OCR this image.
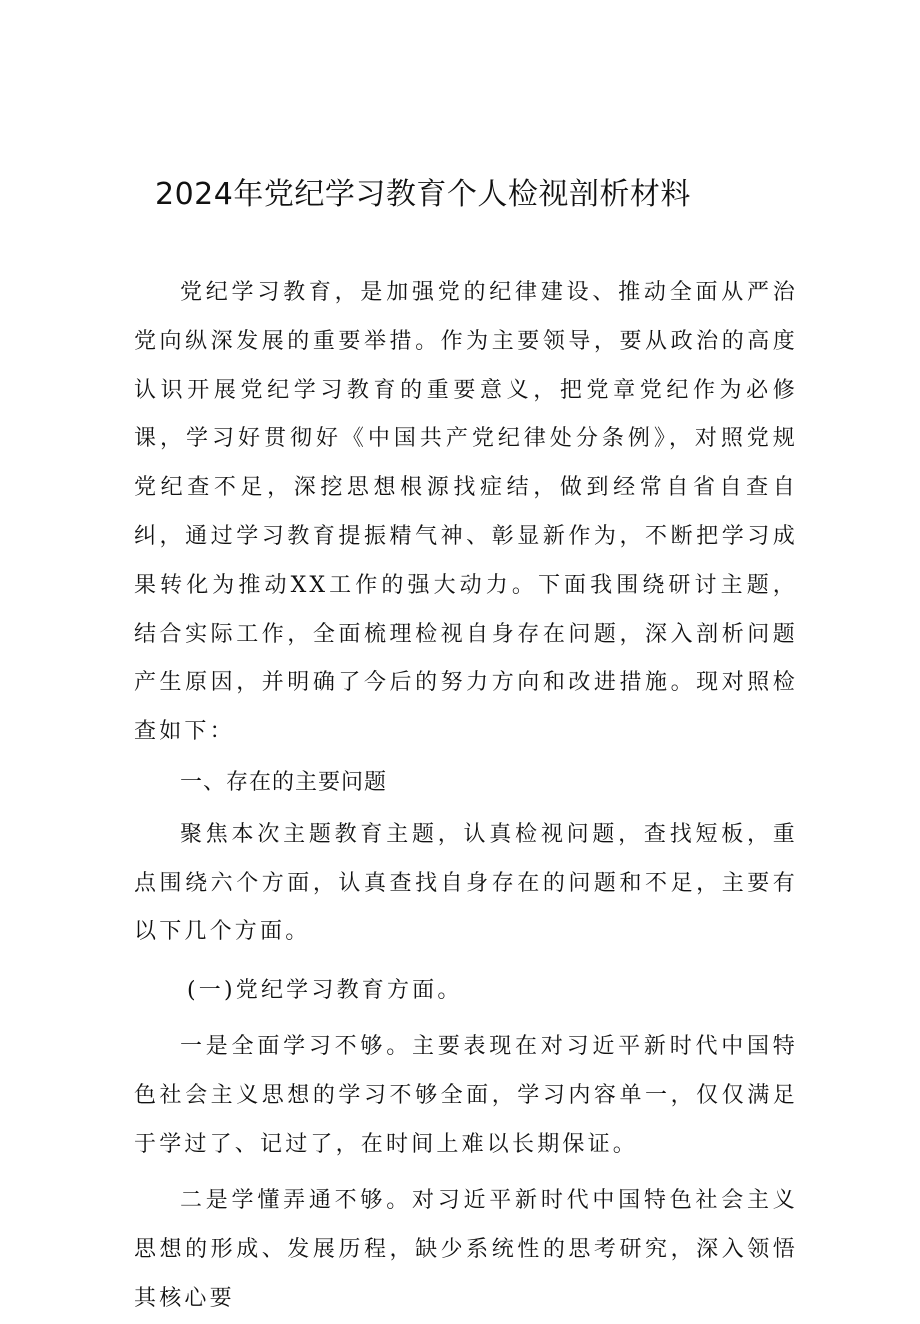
2024年党纪学习教育个人检视剖析材料

党纪学习教育，是加强党的纪律建设、推动全面从严治党向纵深发展的重要举措。作为主要领导，要从政治的高度认识开展党纪学习教育的重要意义，把党章党纪作为必修课，学习好贯彻好《中国共产党纪律处分条例》，对照党规党纪查不足，深挖思想根源找症结，做到经常自省自查自纠，通过学习教育提振精气神、彰显新作为，不断把学习成果转化为推动XX工作的强大动力。下面我围绕研讨主题，结合实际工作，全面梳理检视自身存在问题，深入剖析问题产生原因，并明确了今后的努力方向和改进措施。现对照检查如下：

一、存在的主要问题

聚焦本次主题教育主题，认真检视问题，查找短板，重点围绕六个方面，认真查找自身存在的问题和不足，主要有以下几个方面。

(一)党纪学习教育方面。

一是全面学习不够。主要表现在对习近平新时代中国特色社会主义思想的学习不够全面，学习内容单一，仅仅满足于学过了、记过了，在时间上难以长期保证。

二是学懂弄通不够。对习近平新时代中国特色社会主义思想的形成、发展历程，缺少系统性的思考研究，深入领悟其核心要
